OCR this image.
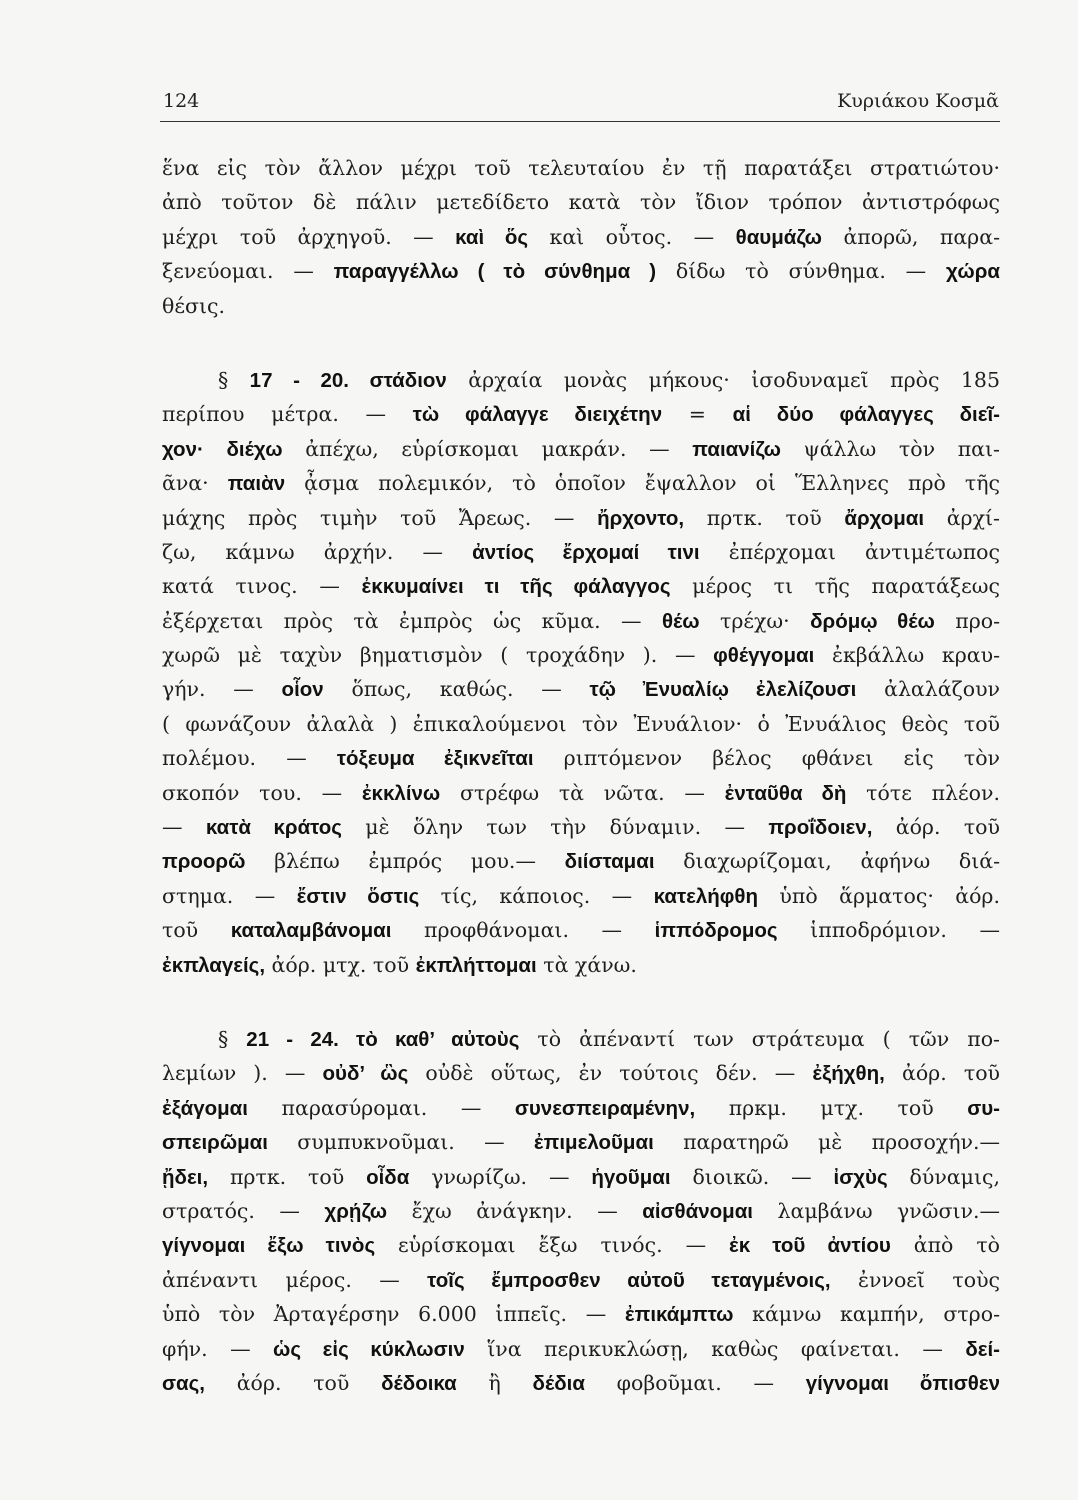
124	Κυριάκου Κοσμᾶ
ἕνα εἰς τὸν ἄλλον μέχρι τοῦ τελευταίου ἐν τῇ παρατάξει στρατιώτου·
ἀπὸ τοῦτον δὲ πάλιν μετεδίδετο κατὰ τὸν ἴδιον τρόπον ἀντιστρόφως
μέχρι τοῦ ἀρχηγοῦ. — καὶ ὅς καὶ οὗτος. — θαυμάζω ἀπορῶ, παρα-
ξενεύομαι. — παραγγέλλω ( τὸ σύνθημα ) δίδω τὸ σύνθημα. — χώρα
θέσις.
§ 17 - 20. στάδιον ἀρχαία μονὰς μήκους· ἰσοδυναμεῖ πρὸς 185
περίπου μέτρα. — τὼ φάλαγγε διειχέτην = αἱ δύο φάλαγγες διεῖ-
χον· διέχω ἀπέχω, εὑρίσκομαι μακράν. — παιανίζω ψάλλω τὸν παι-
ᾶνα· παιὰν ᾆσμα πολεμικόν, τὸ ὁποῖον ἔψαλλον οἱ Ἕλληνες πρὸ τῆς
μάχης πρὸς τιμὴν τοῦ Ἄρεως. — ἤρχοντο, πρτκ. τοῦ ἄρχομαι ἀρχί-
ζω, κάμνω ἀρχήν. — ἀντίος ἔρχομαί τινι ἐπέρχομαι ἀντιμέτωπος
κατά τινος. — ἐκκυμαίνει τι τῆς φάλαγγος μέρος τι τῆς παρατάξεως
ἐξέρχεται πρὸς τὰ ἐμπρὸς ὡς κῦμα. — θέω τρέχω· δρόμῳ θέω προ-
χωρῶ μὲ ταχὺν βηματισμὸν ( τροχάδην ). — φθέγγομαι ἐκβάλλω κραυ-
γήν. — οἷον ὅπως, καθώς. — τῷ Ἐνυαλίῳ ἐλελίζουσι ἀλαλάζουν
( φωνάζουν ἀλαλὰ ) ἐπικαλούμενοι τὸν Ἐνυάλιον· ὁ Ἐνυάλιος θεὸς τοῦ
πολέμου. — τόξευμα ἐξικνεῖται ριπτόμενον βέλος φθάνει εἰς τὸν
σκοπόν του. — ἐκκλίνω στρέφω τὰ νῶτα. — ἐνταῦθα δὴ τότε πλέον.
— κατὰ κράτος μὲ ὅλην των τὴν δύναμιν. — προΐδοιεν, ἀόρ. τοῦ
προορῶ βλέπω ἐμπρός μου.— διίσταμαι διαχωρίζομαι, ἀφήνω διά-
στημα. — ἔστιν ὅστις τίς, κάποιος. — κατελήφθη ὑπὸ ἅρματος· ἀόρ.
τοῦ καταλαμβάνομαι προφθάνομαι. — ἱππόδρομος ἱπποδρόμιον. —
ἐκπλαγείς, ἀόρ. μτχ. τοῦ ἐκπλήττομαι τὰ χάνω.
§ 21 - 24. τὸ καθ’ αὐτοὺς τὸ ἀπέναντί των στράτευμα ( τῶν πο-
λεμίων ). — οὐδ’ ὣς οὐδὲ οὕτως, ἐν τούτοις δέν. — ἐξήχθη, ἀόρ. τοῦ
ἐξάγομαι παρασύρομαι. — συνεσπειραμένην, πρκμ. μτχ. τοῦ συ-
σπειρῶμαι συμπυκνοῦμαι. — ἐπιμελοῦμαι παρατηρῶ μὲ προσοχήν.—
ᾔδει, πρτκ. τοῦ οἶδα γνωρίζω. — ἡγοῦμαι διοικῶ. — ἰσχὺς δύναμις,
στρατός. — χρῄζω ἔχω ἀνάγκην. — αἰσθάνομαι λαμβάνω γνῶσιν.—
γίγνομαι ἔξω τινὸς εὑρίσκομαι ἔξω τινός. — ἐκ τοῦ ἀντίου ἀπὸ τὸ
ἀπέναντι μέρος. — τοῖς ἔμπροσθεν αὐτοῦ τεταγμένοις, ἐννοεῖ τοὺς
ὑπὸ τὸν Ἀρταγέρσην 6.000 ἱππεῖς. — ἐπικάμπτω κάμνω καμπήν, στρο-
φήν. — ὡς εἰς κύκλωσιν ἵνα περικυκλώσῃ, καθὼς φαίνεται. — δεί-
σας, ἀόρ. τοῦ δέδοικα ἢ δέδια φοβοῦμαι. — γίγνομαι ὄπισθεν
